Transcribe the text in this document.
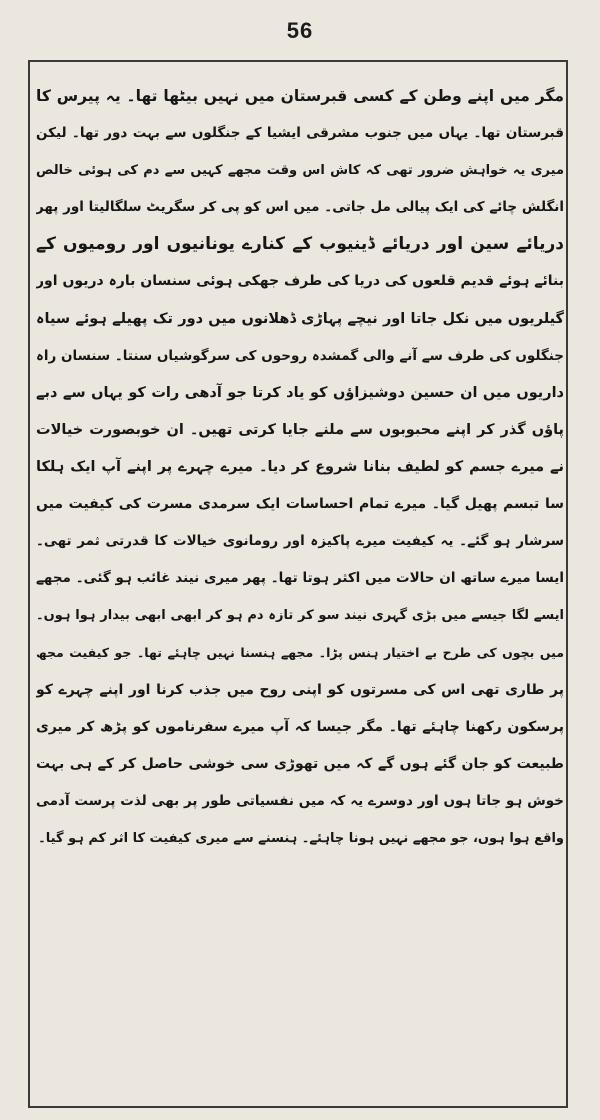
56
مگر میں اپنے وطن کے کسی قبرستان میں نہیں بیٹھا تھا۔ یہ پیرس کا
قبرستان تھا۔ یہاں میں جنوب مشرقی ایشیا کے جنگلوں سے بہت دور تھا۔ لیکن
میری یہ خواہش ضرور تھی کہ کاش اس وقت مجھے کہیں سے دم کی ہوئی خالص
انگلش چائے کی ایک پیالی مل جاتی۔ میں اس کو پی کر سگریٹ سلگالیتا اور پھر
دریائے سین اور دریائے ڈینیوب کے کنارے یونانیوں اور رومیوں کے
بنائے ہوئے قدیم قلعوں کی دریا کی طرف جھکی ہوئی سنسان بارہ دریوں اور
گیلریوں میں نکل جاتا اور نیچے پہاڑی ڈھلانوں میں دور تک پھیلے ہوئے سیاہ
جنگلوں کی طرف سے آنے والی گمشدہ روحوں کی سرگوشیاں سنتا۔ سنسان راہ
داریوں میں ان حسین دوشیزاؤں کو یاد کرتا جو آدھی رات کو یہاں سے دبے
پاؤں گذر کر اپنے محبوبوں سے ملنے جایا کرتی تھیں۔ ان خوبصورت خیالات
نے میرے جسم کو لطیف بنانا شروع کر دیا۔ میرے چہرے پر اپنے آپ ایک ہلکا
سا تبسم پھیل گیا۔ میرے تمام احساسات ایک سرمدی مسرت کی کیفیت میں
سرشار ہو گئے۔ یہ کیفیت میرے پاکیزہ اور رومانوی خیالات کا قدرتی ثمر تھی۔
ایسا میرے ساتھ ان حالات میں اکثر ہوتا تھا۔ پھر میری نیند غائب ہو گئی۔ مجھے
ایسے لگا جیسے میں بڑی گہری نیند سو کر تازہ دم ہو کر ابھی ابھی بیدار ہوا ہوں۔
میں بچوں کی طرح بے اختیار ہنس پڑا۔ مجھے ہنسنا نہیں چاہئے تھا۔ جو کیفیت مجھ
پر طاری تھی اس کی مسرتوں کو اپنی روح میں جذب کرنا اور اپنے چہرے کو
پرسکون رکھنا چاہئے تھا۔ مگر جیسا کہ آپ میرے سفرناموں کو پڑھ کر میری
طبیعت کو جان گئے ہوں گے کہ میں تھوڑی سی خوشی حاصل کر کے ہی بہت
خوش ہو جاتا ہوں اور دوسرے یہ کہ میں نفسیاتی طور پر بھی لذت پرست آدمی
واقع ہوا ہوں، جو مجھے نہیں ہونا چاہئے۔ ہنسنے سے میری کیفیت کا اثر کم ہو گیا۔
